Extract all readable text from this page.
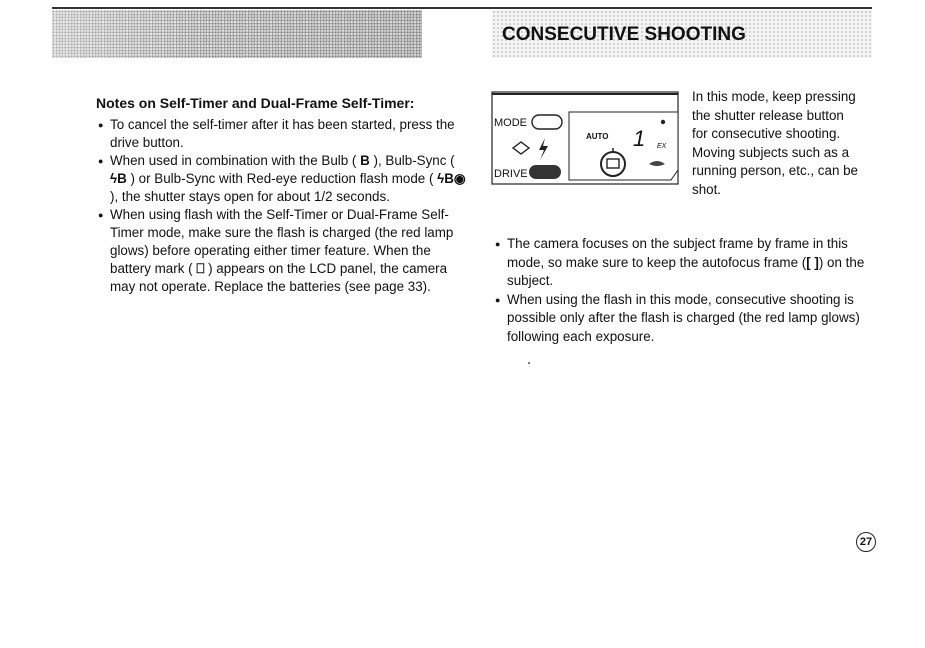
CONSECUTIVE SHOOTING
Notes on Self-Timer and Dual-Frame Self-Timer:
● To cancel the self-timer after it has been started, press the drive button.
● When used in combination with the Bulb ( B ), Bulb-Sync ( ϟB ) or Bulb-Sync with Red-eye reduction flash mode ( ϟB◉ ), the shutter stays open for about 1/2 seconds.
● When using flash with the Self-Timer or Dual-Frame Self-Timer mode, make sure the flash is charged (the red lamp glows) before operating either timer feature. When the battery mark ( ⎕ ) appears on the LCD panel, the camera may not operate. Replace the batteries (see page 33).
MODE
DRIVE
AUTO 1 EX
In this mode, keep pressing the shutter release button for consecutive shooting. Moving subjects such as a running person, etc., can be shot.
● The camera focuses on the subject frame by frame in this mode, so make sure to keep the autofocus frame ([ ]) on the subject.
● When using the flash in this mode, consecutive shooting is possible only after the flash is charged (the red lamp glows) following each exposure.
27
